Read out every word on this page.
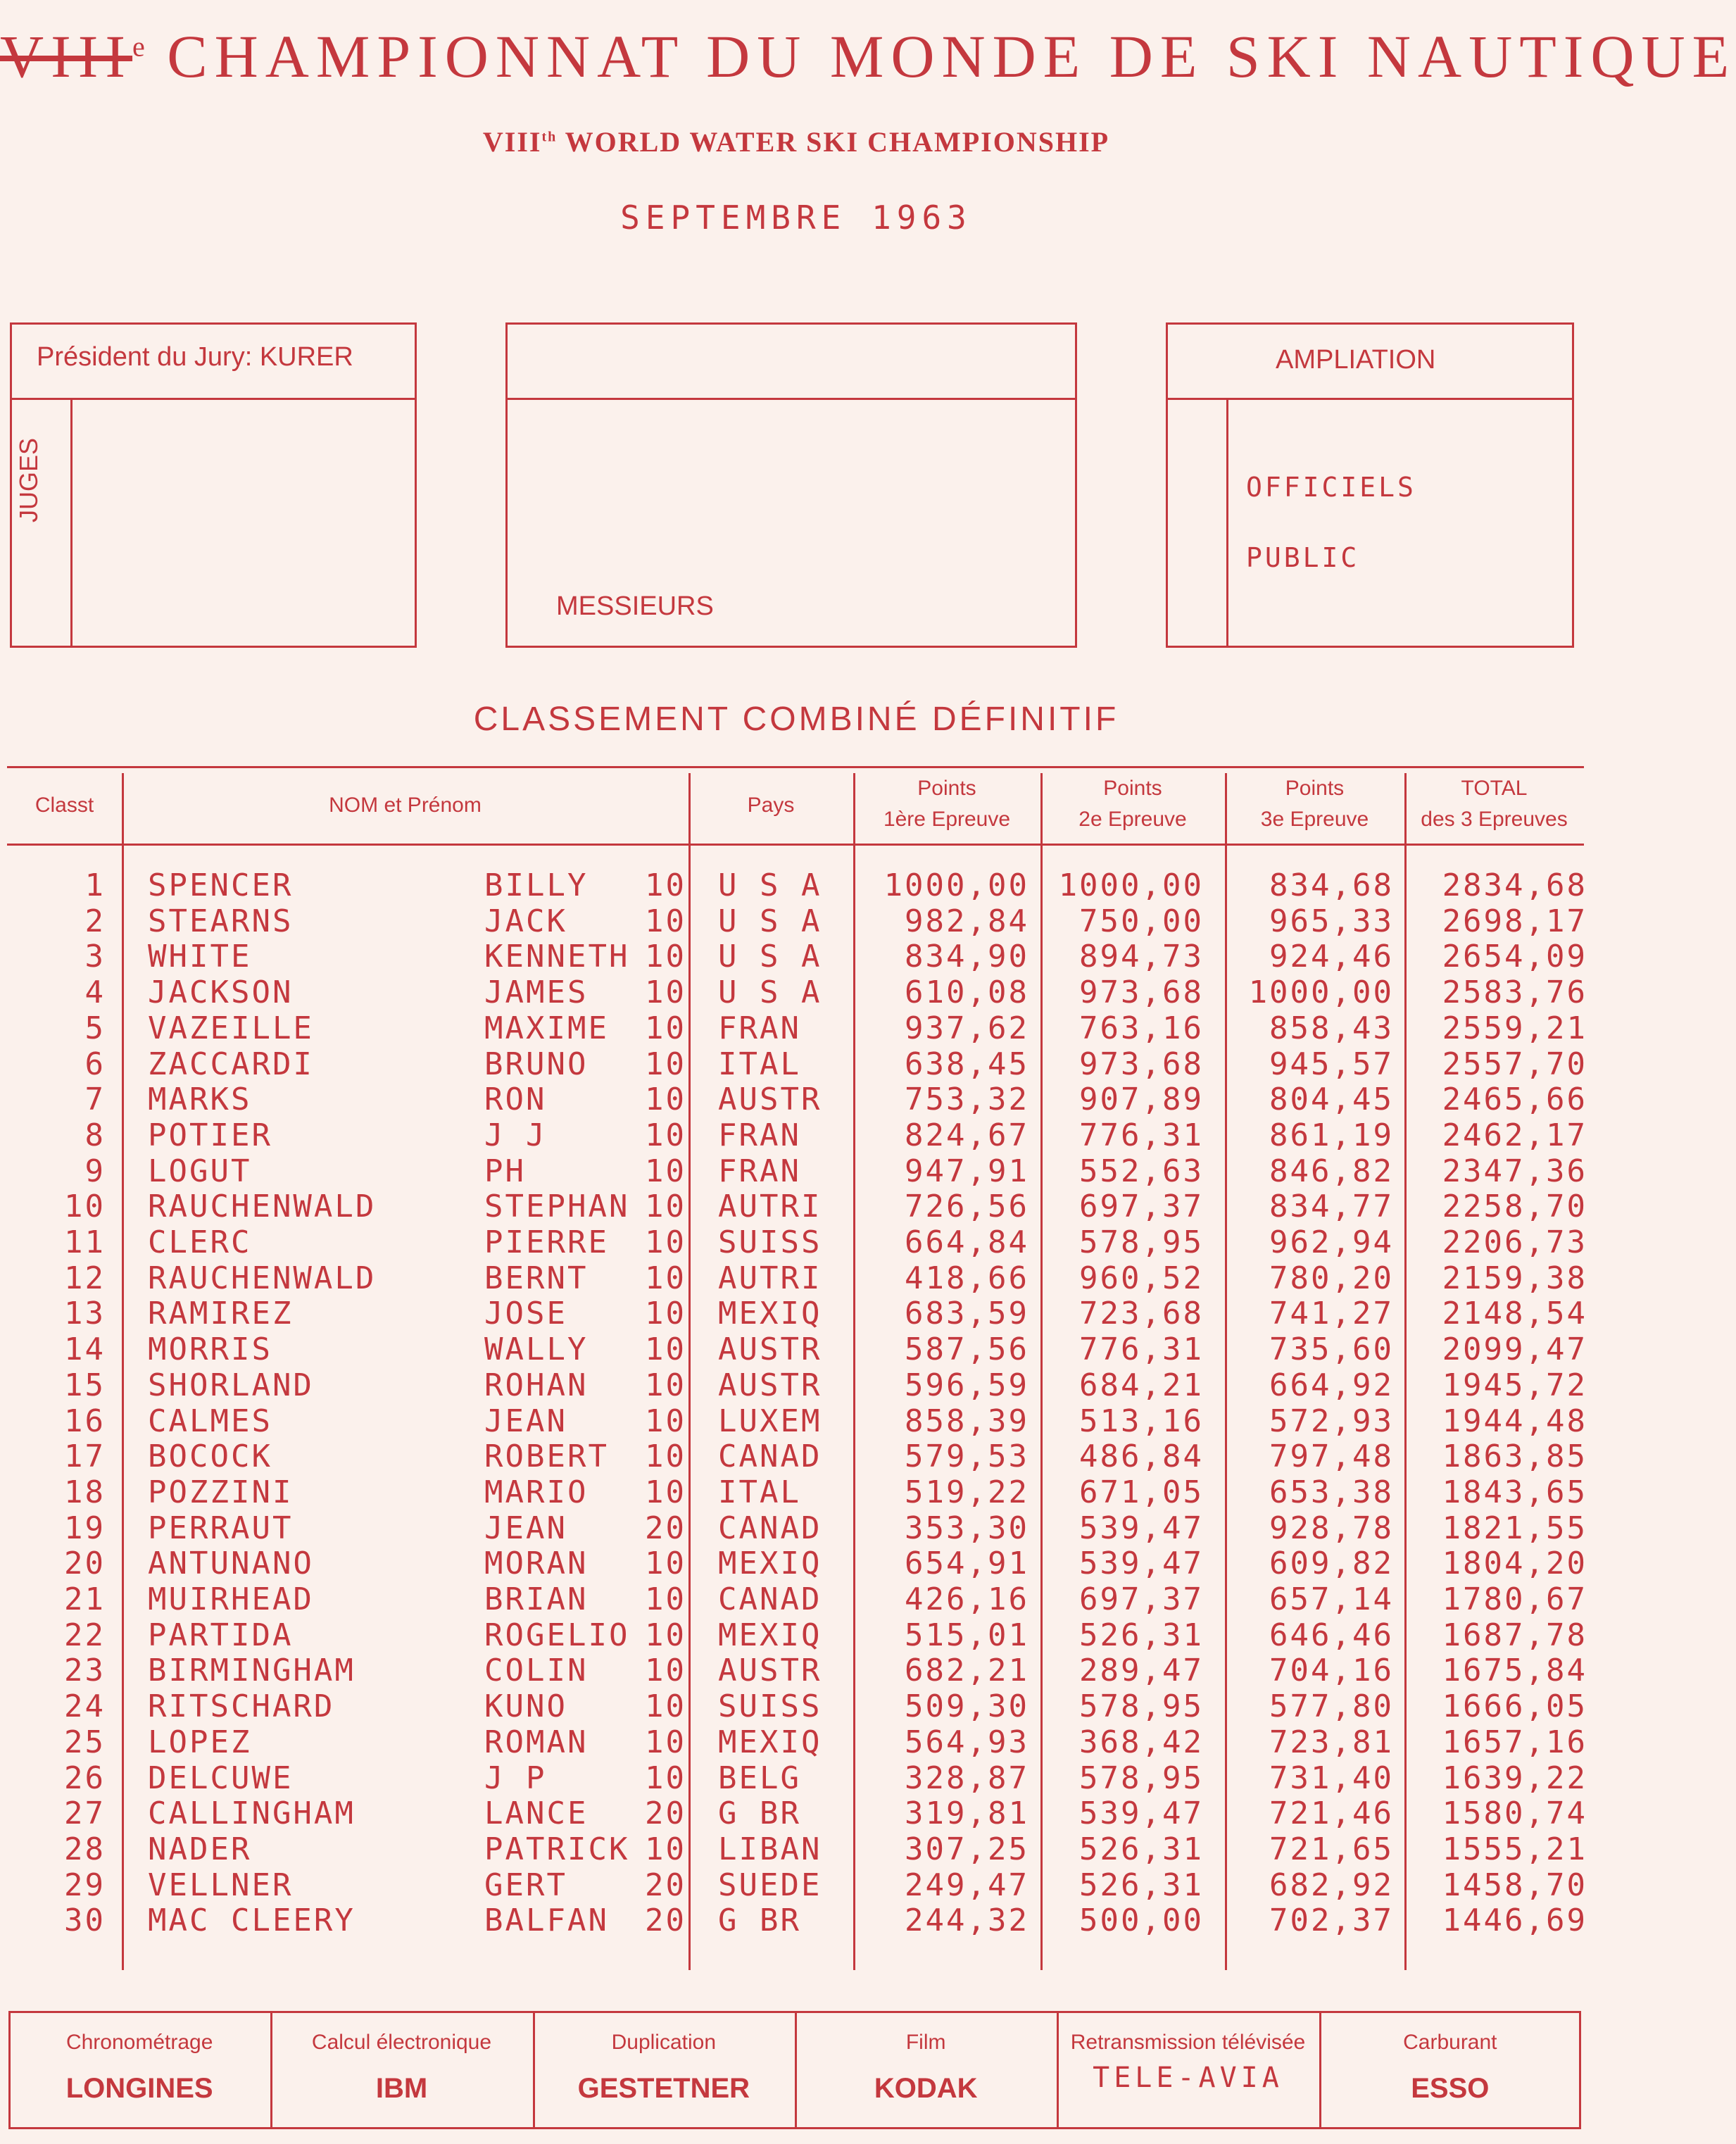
VIIIe CHAMPIONNAT DU MONDE DE SKI NAUTIQUE
VIIIth WORLD WATER SKI CHAMPIONSHIP
SEPTEMBRE 1963
Président du Jury: KURER
JUGES
MESSIEURS
AMPLIATION
OFFICIELS
PUBLIC
CLASSEMENT COMBINÉ DÉFINITIF
Classt	NOM et Prénom	Pays
Points
1ère Epreuve
Points
2e Epreuve
Points
3e Epreuve
TOTAL
des 3 Epreuves
1 SPENCER	BILLY 10 U S A	1000,00 1000,00	834,68	2834,68
2 STEARNS	JACK	10 U S A	982,84	750,00	965,33	2698,17
3 WHITE	KENNETH 10 U S A	834,90	894,73	924,46	2654,09
4 JACKSON	JAMES 10 U S A	610,08	973,68	1000,00	2583,76
5 VAZEILLE	MAXIME 10 FRAN	937,62	763,16	858,43	2559,21
6 ZACCARDI	BRUNO 10 ITAL	638,45	973,68	945,57	2557,70
7 MARKS	RON	10 AUSTR	753,32	907,89	804,45	2465,66
8 POTIER	J J	10 FRAN	824,67	776,31	861,19	2462,17
9 LOGUT	PH	10 FRAN	947,91	552,63	846,82	2347,36
10 RAUCHENWALD	STEPHAN 10 AUTRI	726,56	697,37	834,77	2258,70
11 CLERC	PIERRE 10 SUISS	664,84	578,95	962,94	2206,73
12 RAUCHENWALD	BERNT 10 AUTRI	418,66	960,52	780,20	2159,38
13 RAMIREZ	JOSE	10 MEXIQ	683,59	723,68	741,27	2148,54
14 MORRIS	WALLY 10 AUSTR	587,56	776,31	735,60	2099,47
15 SHORLAND	ROHAN 10 AUSTR	596,59	684,21	664,92	1945,72
16 CALMES	JEAN	10 LUXEM	858,39	513,16	572,93	1944,48
17 BOCOCK	ROBERT 10 CANAD	579,53	486,84	797,48	1863,85
18 POZZINI	MARIO 10 ITAL	519,22	671,05	653,38	1843,65
19 PERRAUT	JEAN	20 CANAD	353,30	539,47	928,78	1821,55
20 ANTUNANO	MORAN 10 MEXIQ	654,91	539,47	609,82	1804,20
21 MUIRHEAD	BRIAN 10 CANAD	426,16	697,37	657,14	1780,67
22 PARTIDA	ROGELIO 10 MEXIQ	515,01	526,31	646,46	1687,78
23 BIRMINGHAM	COLIN 10 AUSTR	682,21	289,47	704,16	1675,84
24 RITSCHARD	KUNO	10 SUISS	509,30	578,95	577,80	1666,05
25 LOPEZ	ROMAN 10 MEXIQ	564,93	368,42	723,81	1657,16
26 DELCUWE	J P	10 BELG	328,87	578,95	731,40	1639,22
27 CALLINGHAM	LANCE 20 G BR	319,81	539,47	721,46	1580,74
28 NADER	PATRICK 10 LIBAN	307,25	526,31	721,65	1555,21
29 VELLNER	GERT	20 SUEDE	249,47	526,31	682,92	1458,70
30 MAC CLEERY	BALFAN 20 G BR	244,32	500,00	702,37	1446,69
Chronométrage
LONGINES
Calcul électronique
IBM
Duplication
GESTETNER
Film
KODAK
Retransmission télévisée
TELE-AVIA
Carburant
ESSO
